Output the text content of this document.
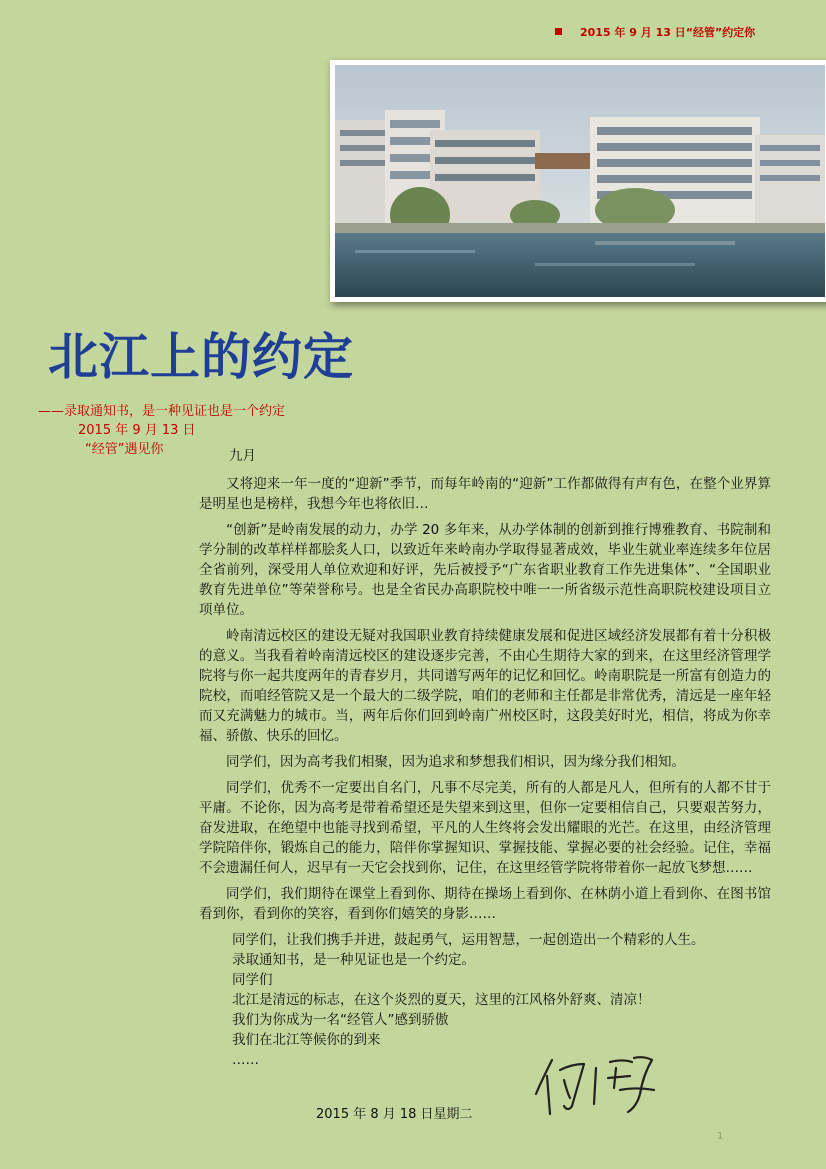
2015 年 9 月 13 日“经管”约定你
北江上的约定
——录取通知书，是一种见证也是一个约定
2015 年 9 月 13 日
“经管”遇见你	九月

又将迎来一年一度的“迎新”季节，而每年岭南的“迎新”工作都做得有声有色，在整个业界算是明星也是榜样，我想今年也将依旧…

“创新”是岭南发展的动力，办学 20 多年来，从办学体制的创新到推行博雅教育、书院制和学分制的改革样样都脍炙人口，以致近年来岭南办学取得显著成效，毕业生就业率连续多年位居全省前列，深受用人单位欢迎和好评，先后被授予“广东省职业教育工作先进集体”、“全国职业教育先进单位”等荣誉称号。也是全省民办高职院校中唯一一所省级示范性高职院校建设项目立项单位。

岭南清远校区的建设无疑对我国职业教育持续健康发展和促进区域经济发展都有着十分积极的意义。当我看着岭南清远校区的建设逐步完善，不由心生期待大家的到来，在这里经济管理学院将与你一起共度两年的青春岁月，共同谱写两年的记忆和回忆。岭南职院是一所富有创造力的院校，而咱经管院又是一个最大的二级学院，咱们的老师和主任都是非常优秀，清远是一座年轻而又充满魅力的城市。当，两年后你们回到岭南广州校区时，这段美好时光，相信，将成为你幸福、骄傲、快乐的回忆。

同学们，因为高考我们相聚，因为追求和梦想我们相识，因为缘分我们相知。

同学们，优秀不一定要出自名门，凡事不尽完美，所有的人都是凡人，但所有的人都不甘于平庸。不论你，因为高考是带着希望还是失望来到这里，但你一定要相信自己，只要艰苦努力，奋发进取，在绝望中也能寻找到希望，平凡的人生终将会发出耀眼的光芒。在这里，由经济管理学院陪伴你，锻炼自己的能力，陪伴你掌握知识、掌握技能、掌握必要的社会经验。记住，幸福不会遗漏任何人，迟早有一天它会找到你，记住，在这里经管学院将带着你一起放飞梦想……

同学们，我们期待在课堂上看到你、期待在操场上看到你、在林荫小道上看到你、在图书馆看到你，看到你的笑容，看到你们嬉笑的身影……

同学们，让我们携手并进，鼓起勇气，运用智慧，一起创造出一个精彩的人生。
录取通知书，是一种见证也是一个约定。
同学们
北江是清远的标志，在这个炎烈的夏天，这里的江风格外舒爽、清凉！
我们为你成为一名“经管人”感到骄傲
我们在北江等候你的到来
……
2015 年 8 月 18 日星期二
1
